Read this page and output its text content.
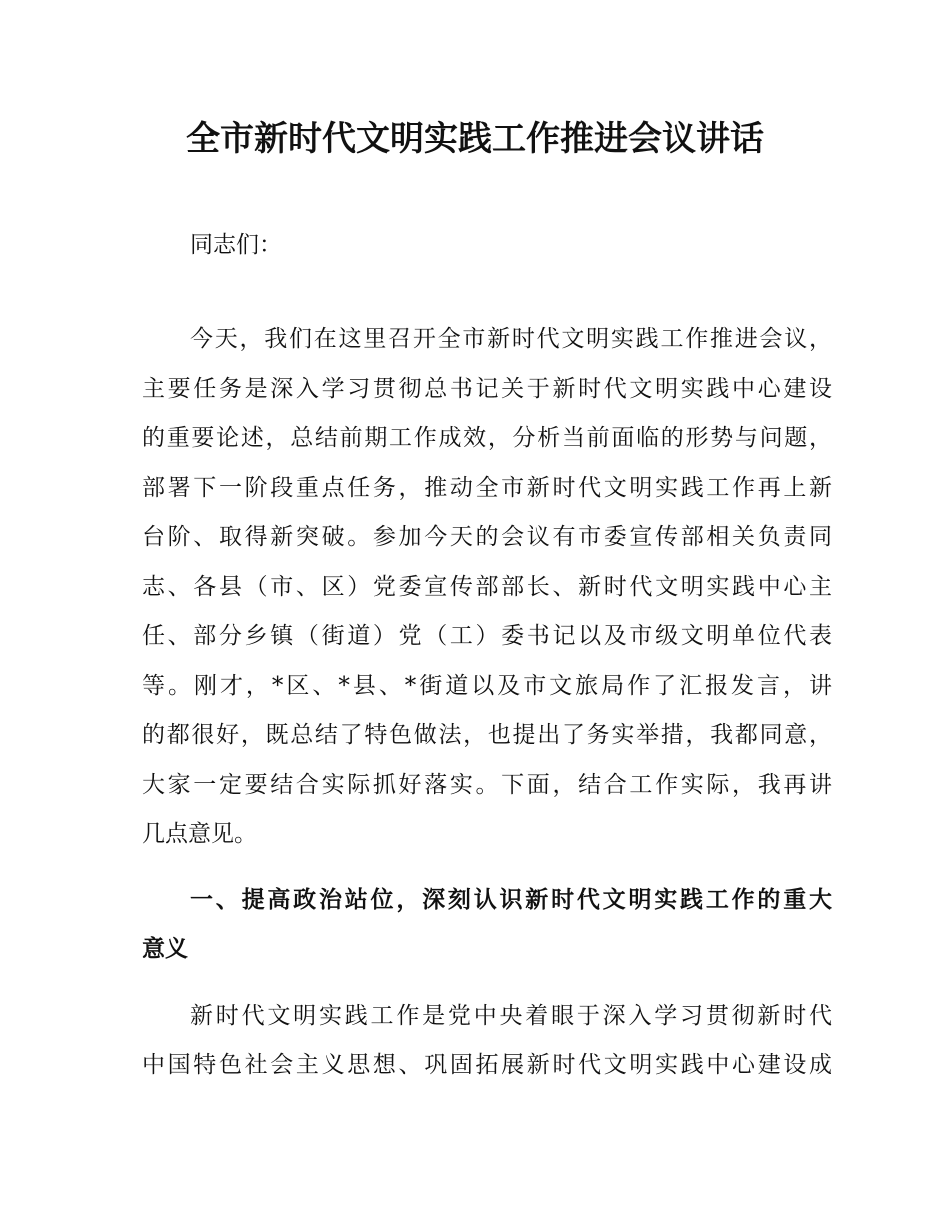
全市新时代文明实践工作推进会议讲话

同志们：

今天，我们在这里召开全市新时代文明实践工作推进会议，

主要任务是深入学习贯彻总书记关于新时代文明实践中心建设

的重要论述，总结前期工作成效，分析当前面临的形势与问题，

部署下一阶段重点任务，推动全市新时代文明实践工作再上新

台阶、取得新突破。参加今天的会议有市委宣传部相关负责同

志、各县（市、区）党委宣传部部长、新时代文明实践中心主

任、部分乡镇（街道）党（工）委书记以及市级文明单位代表

等。刚才，*区、*县、*街道以及市文旅局作了汇报发言，讲

的都很好，既总结了特色做法，也提出了务实举措，我都同意，

大家一定要结合实际抓好落实。下面，结合工作实际，我再讲

几点意见。

一、提高政治站位，深刻认识新时代文明实践工作的重大

意义

新时代文明实践工作是党中央着眼于深入学习贯彻新时代

中国特色社会主义思想、巩固拓展新时代文明实践中心建设成
